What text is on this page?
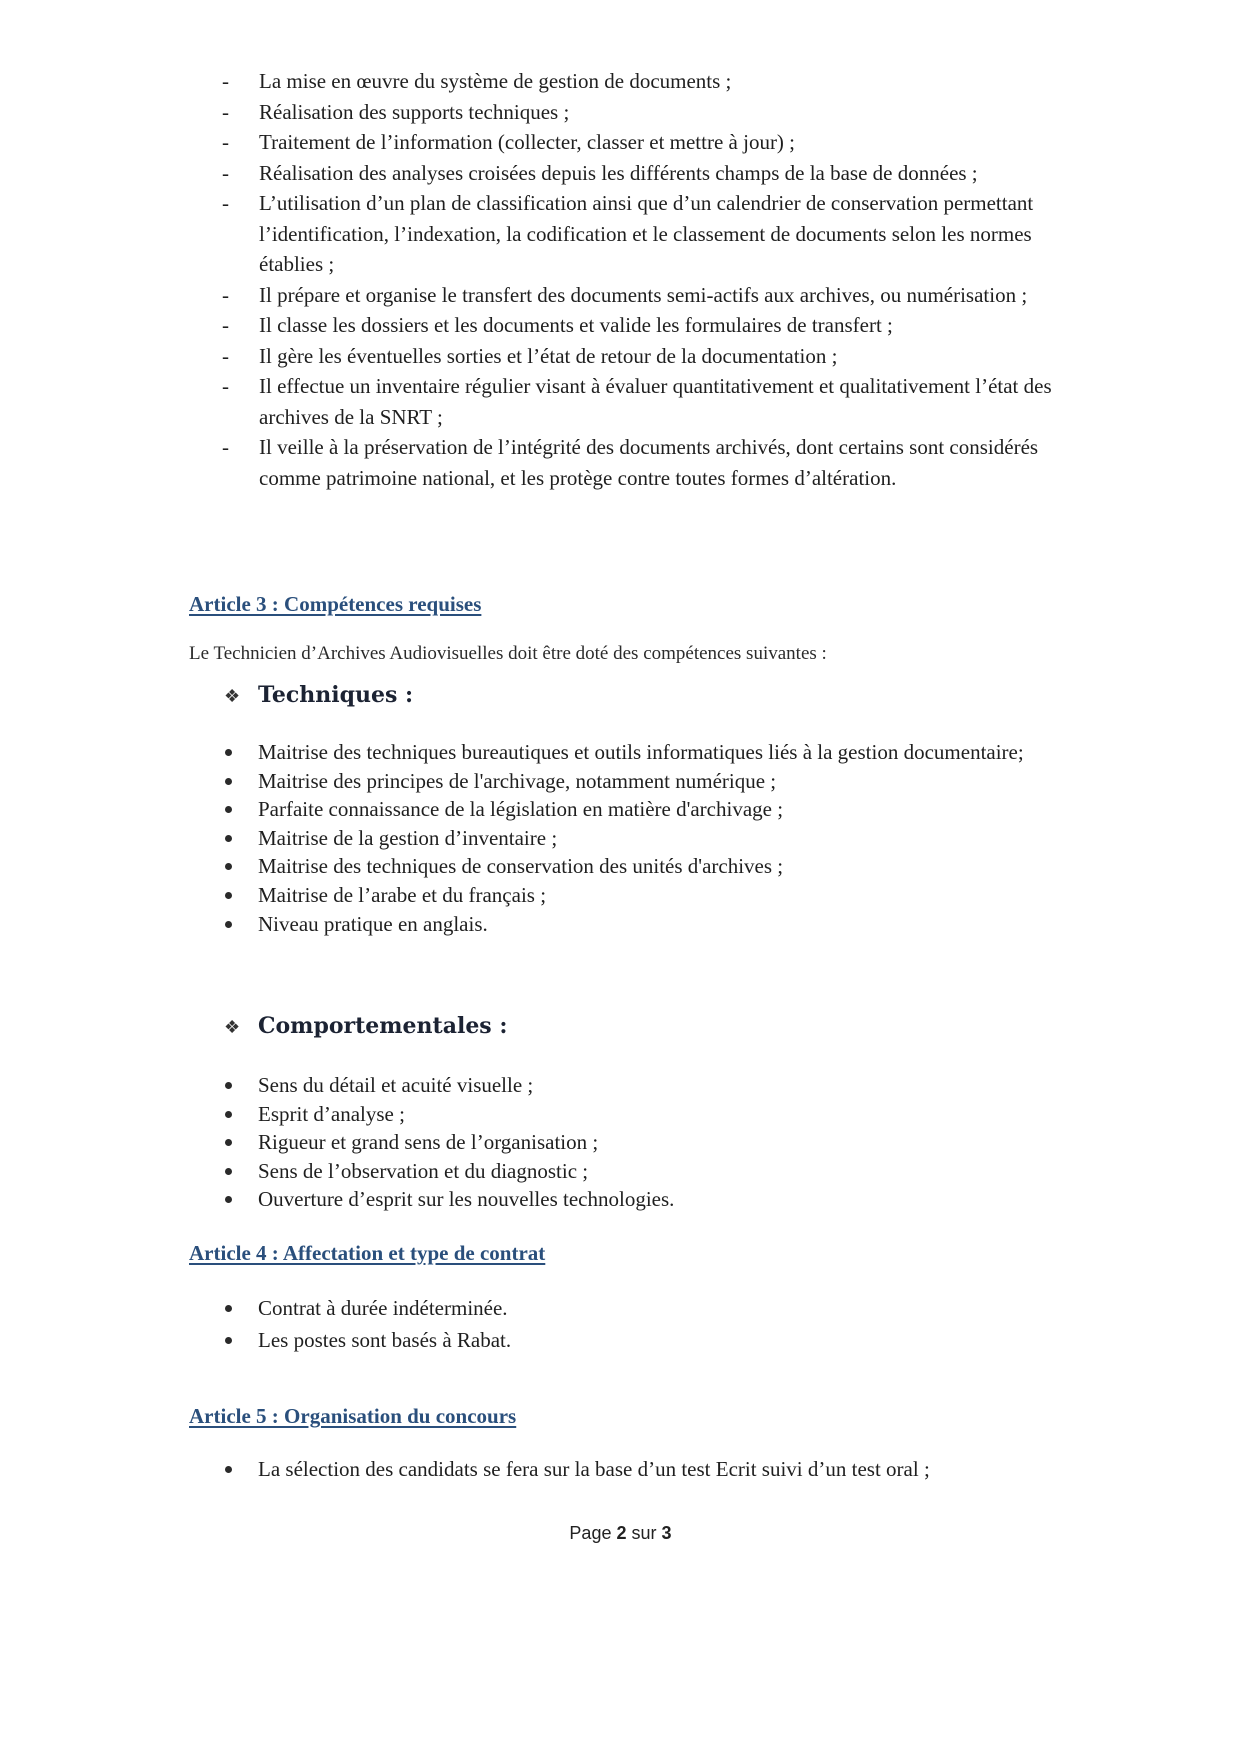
- La mise en œuvre du système de gestion de documents ;
- Réalisation des supports techniques ;
- Traitement de l’information (collecter, classer et mettre à jour) ;
- Réalisation des analyses croisées depuis les différents champs de la base de données ;
- L’utilisation d’un plan de classification ainsi que d’un calendrier de conservation permettant l’identification, l’indexation, la codification et le classement de documents selon les normes établies ;
- Il prépare et organise le transfert des documents semi-actifs aux archives, ou numérisation ;
- Il classe les dossiers et les documents et valide les formulaires de transfert ;
- Il gère les éventuelles sorties et l’état de retour de la documentation ;
- Il effectue un inventaire régulier visant à évaluer quantitativement et qualitativement l’état des archives de la SNRT ;
- Il veille à la préservation de l’intégrité des documents archivés, dont certains sont considérés comme patrimoine national, et les protège contre toutes formes d’altération.
Article 3 : Compétences requises

Le Technicien d’Archives Audiovisuelles doit être doté des compétences suivantes :

❖ Techniques :
Maitrise des techniques bureautiques et outils informatiques liés à la gestion documentaire;
Maitrise des principes de l'archivage, notamment numérique ;
Parfaite connaissance de la législation en matière d'archivage ;
Maitrise de la gestion d’inventaire ;
Maitrise des techniques de conservation des unités d'archives ;
Maitrise de l’arabe et du français ;
Niveau pratique en anglais.
❖ Comportementales :
Sens du détail et acuité visuelle ;
Esprit d’analyse ;
Rigueur et grand sens de l’organisation ;
Sens de l’observation et du diagnostic ;
Ouverture d’esprit sur les nouvelles technologies.
Article 4 : Affectation et type de contrat
Contrat à durée indéterminée.
Les postes sont basés à Rabat.
Article 5 : Organisation du concours
La sélection des candidats se fera sur la base d’un test Ecrit suivi d’un test oral ;
Page 2 sur 3
